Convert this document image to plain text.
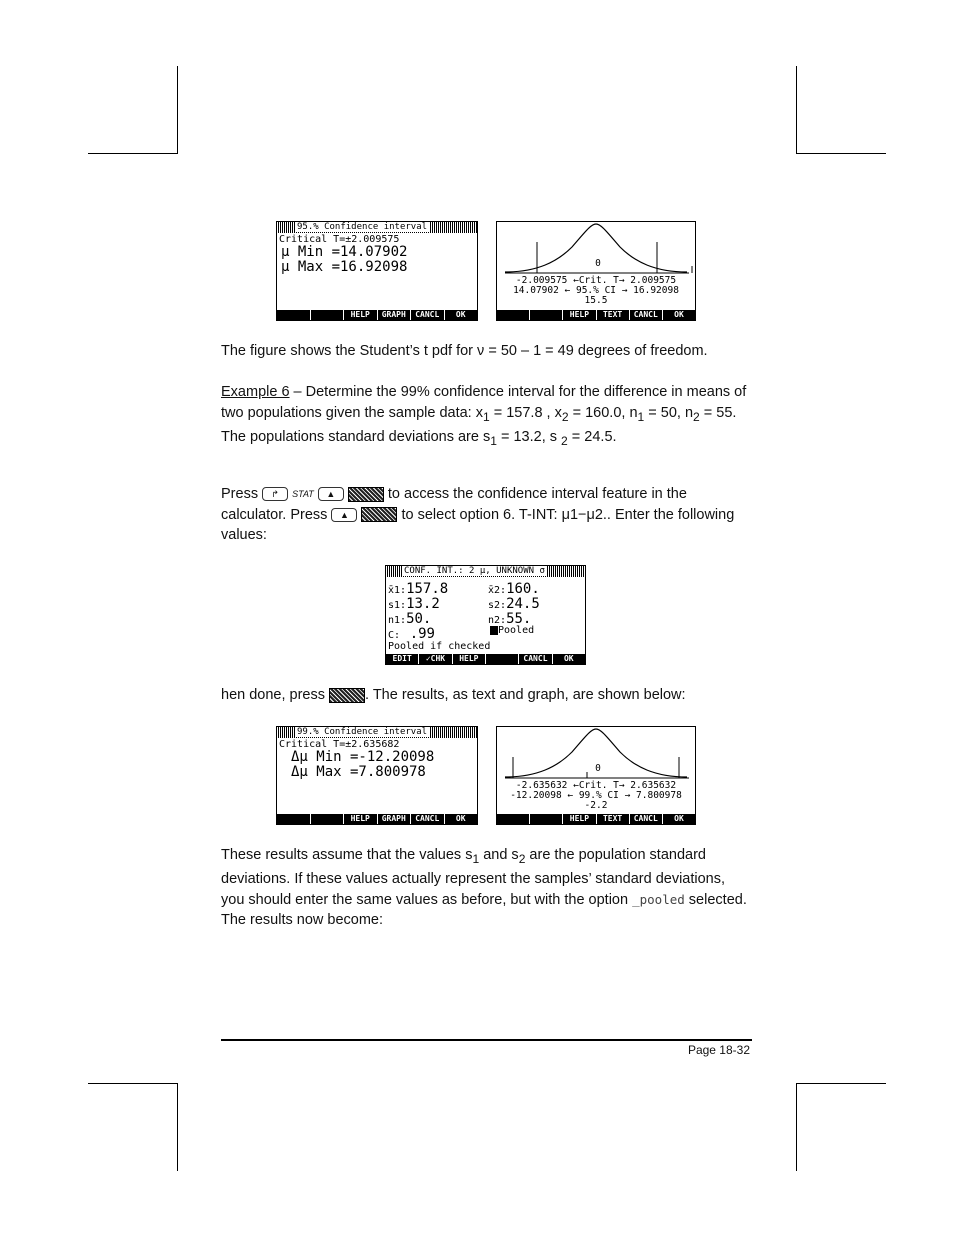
95.% Confidence interval
Critical T=±2.009575
μ Min =14.07902
μ Max =16.92098
HELP	GRAPH	CANCL	OK
0
-2.009575 ←Crit. T→ 2.009575
14.07902 ← 95.% CI → 16.92098
15.5
HELP	TEXT	CANCL	OK

The figure shows the Student’s t pdf for ν = 50 – 1 = 49 degrees of freedom.

Example 6 – Determine the 99% confidence interval for the difference in means of two populations given the sample data: $x_1 = 157.8$ , $x_2 = 160.0$, $n_1 = 50$, $n_2 = 55$. The populations standard deviations are $s_1 = 13.2$, s $_2$ = 24.5.

Press ↱ STAT ▲	to access the confidence interval feature in the calculator. Press ▲	to select option 6. T-INT: μ1−μ2.. Enter the following values:

CONF. INT.: 2 μ, UNKNOWN σ
x̄1:157.8	x̄2:160.
s1:13.2	s2:24.5
n1:50.	n2:55.
C: .99	Pooled
Pooled if checked
EDIT	✓CHK	HELP	CANCL	OK

hen done, press . The results, as text and graph, are shown below:

99.% Confidence interval
Critical T=±2.635682
Δμ Min =-12.20098
Δμ Max =7.800978
HELP	GRAPH	CANCL	OK
0
-2.635632 ←Crit. T→ 2.635632
-12.20098 ← 99.% CI → 7.800978
-2.2
HELP	TEXT	CANCL	OK

These results assume that the values $s_1$ and $s_2$ are the population standard deviations. If these values actually represent the samples’ standard deviations, you should enter the same values as before, but with the option _pooled selected. The results now become:

Page 18-32
